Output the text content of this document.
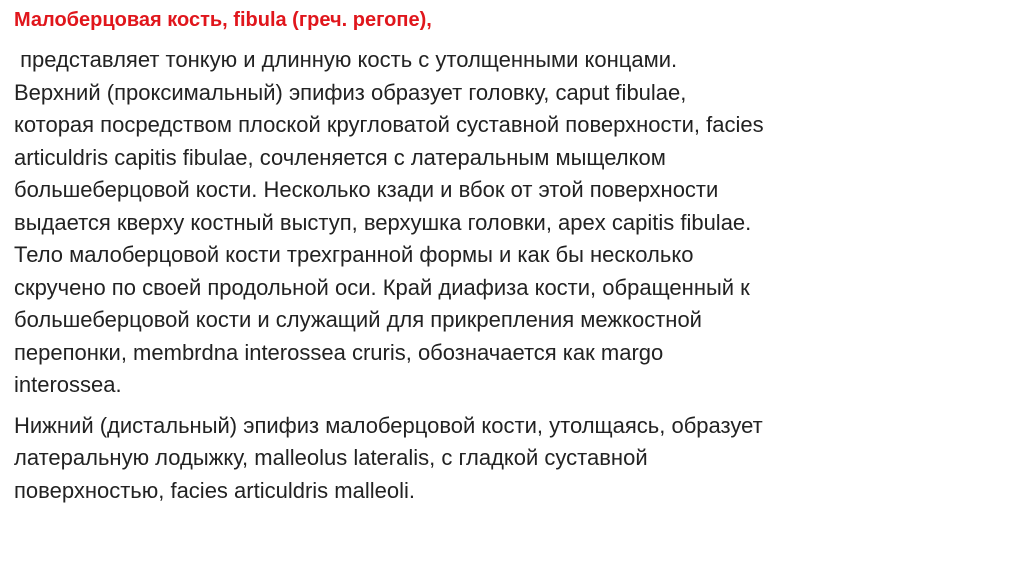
Малоберцовая кость, fibula (греч. регопе),

представляет тонкую и длинную кость с утолщенными концами.
Верхний (проксимальный) эпифиз образует головку, caput fibulae,
которая посредством плоской кругловатой суставной поверхности, facies
articuldris capitis fibulae, сочленяется с латеральным мыщелком
большеберцовой кости. Несколько кзади и вбок от этой поверхности
выдается кверху костный выступ, верхушка головки, apex capitis fibulae.
Тело малоберцовой кости трехгранной формы и как бы несколько
скручено по своей продольной оси. Край диафиза кости, обращенный к
большеберцовой кости и служащий для прикрепления межкостной
перепонки, membrdna interossea cruris, обозначается как margo
interossea.

Нижний (дистальный) эпифиз малоберцовой кости, утолщаясь, образует
латеральную лодыжку, malleolus lateralis, с гладкой суставной
поверхностью, facies articuldris malleoli.
